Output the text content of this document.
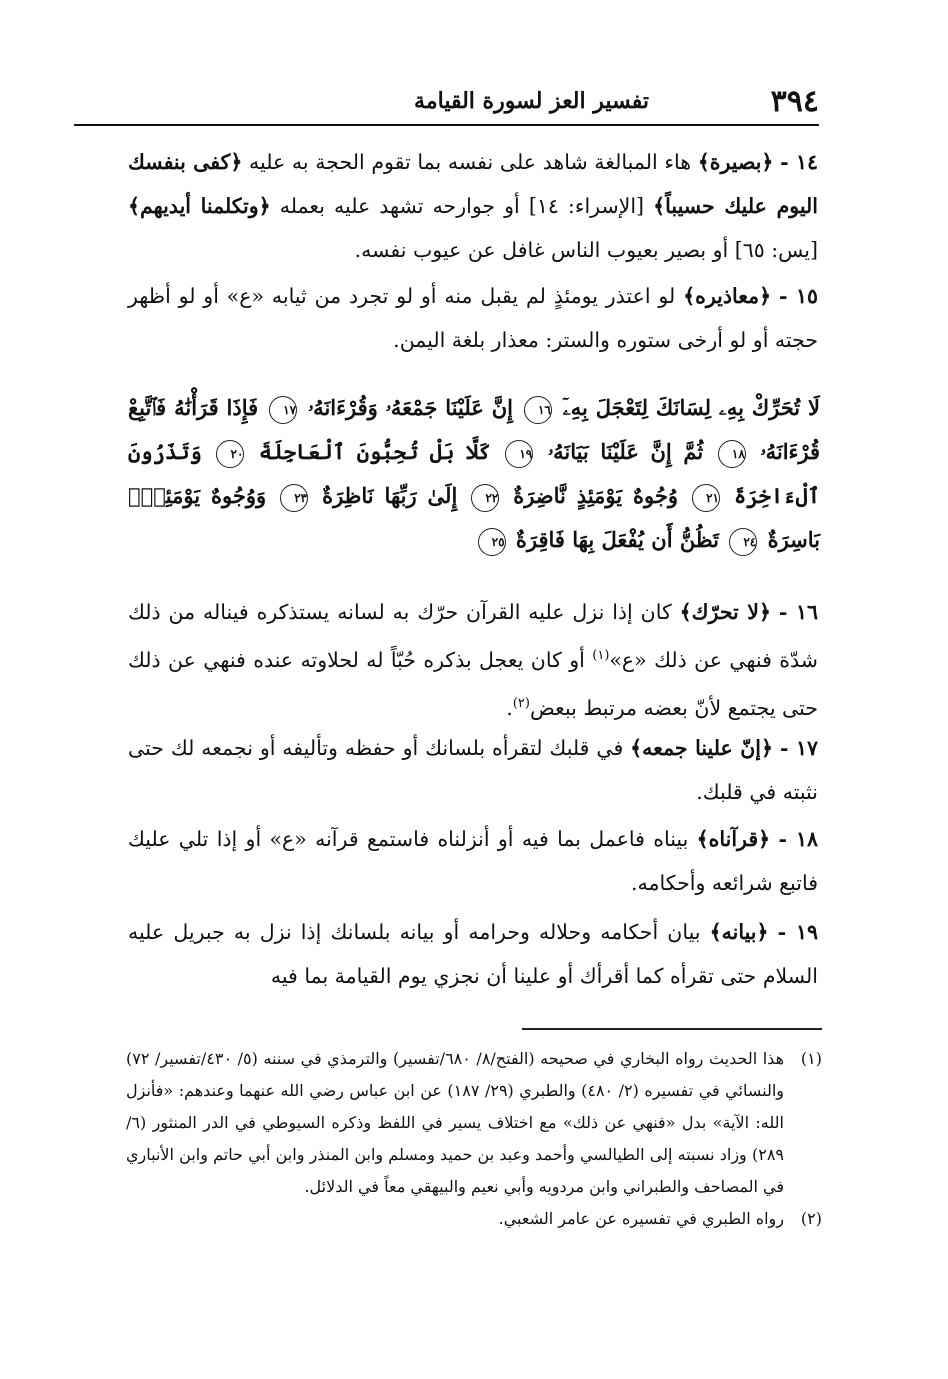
٣٩٤
تفسير العز لسورة القيامة
١٤ - ﴿بصيرة﴾ هاء المبالغة شاهد على نفسه بما تقوم الحجة به عليه ﴿كفى بنفسك اليوم عليك حسيباً﴾ [الإسراء: ١٤] أو جوارحه تشهد عليه بعمله ﴿وتكلمنا أيديهم﴾ [يس: ٦٥] أو بصير بعيوب الناس غافل عن عيوب نفسه.
١٥ - ﴿معاذيره﴾ لو اعتذر يومئذٍ لم يقبل منه أو لو تجرد من ثيابه «ع» أو لو أظهر حجته أو لو أرخى ستوره والستر: معذار بلغة اليمن.
لَا تُحَرِّكْ بِهِۦ لِسَانَكَ لِتَعْجَلَ بِهِۦٓ ١٦ إِنَّ عَلَيْنَا جَمْعَهُۥ وَقُرْءَانَهُۥ ١٧ فَإِذَا قَرَأْنَٰهُ فَٱتَّبِعْ قُرْءَانَهُۥ ١٨ ثُمَّ إِنَّ عَلَيْنَا بَيَانَهُۥ ١٩ كَلَّا بَلْ تُحِبُّونَ ٱلْعَاجِلَةَ ٢٠ وَتَذَرُونَ ٱلْءَاخِرَةَ ٢١ وُجُوهٌ يَوْمَئِذٍ نَّاضِرَةٌ ٢٢ إِلَىٰ رَبِّهَا نَاظِرَةٌ ٢٣ وَوُجُوهٌ يَوْمَئِذٍۭ بَاسِرَةٌ ٢٤ تَظُنُّ أَن يُفْعَلَ بِهَا فَاقِرَةٌ ٢٥
١٦ - ﴿لا تحرّك﴾ كان إذا نزل عليه القرآن حرّك به لسانه يستذكره فيناله من ذلك شدّة فنهي عن ذلك «ع»$^{(١)}$ أو كان يعجل بذكره حُبّاً له لحلاوته عنده فنهي عن ذلك حتى يجتمع لأنّ بعضه مرتبط ببعض$^{(٢)}$.
١٧ - ﴿إنّ علينا جمعه﴾ في قلبك لتقرأه بلسانك أو حفظه وتأليفه أو نجمعه لك حتى نثبته في قلبك.
١٨ - ﴿قرآناه﴾ بيناه فاعمل بما فيه أو أنزلناه فاستمع قرآنه «ع» أو إذا تلي عليك فاتبع شرائعه وأحكامه.
١٩ - ﴿بيانه﴾ بيان أحكامه وحلاله وحرامه أو بيانه بلسانك إذا نزل به جبريل عليه السلام حتى تقرأه كما أقرأك أو علينا أن نجزي يوم القيامة بما فيه
(١)
هذا الحديث رواه البخاري في صحيحه (الفتح/٨/ ٦٨٠/تفسير) والترمذي في سننه (٥/ ٤٣٠/تفسير/ ٧٢) والنسائي في تفسيره (٢/ ٤٨٠) والطبري (٢٩/ ١٨٧) عن ابن عباس رضي الله عنهما وعندهم: «فأنزل الله: الآية» بدل «فنهي عن ذلك» مع اختلاف يسير في اللفظ وذكره السيوطي في الدر المنثور (٦/ ٢٨٩) وزاد نسبته إلى الطيالسي وأحمد وعبد بن حميد ومسلم وابن المنذر وابن أبي حاتم وابن الأنباري في المصاحف والطبراني وابن مردويه وأبي نعيم والبيهقي معاً في الدلائل.
(٢)
رواه الطبري في تفسيره عن عامر الشعبي.
